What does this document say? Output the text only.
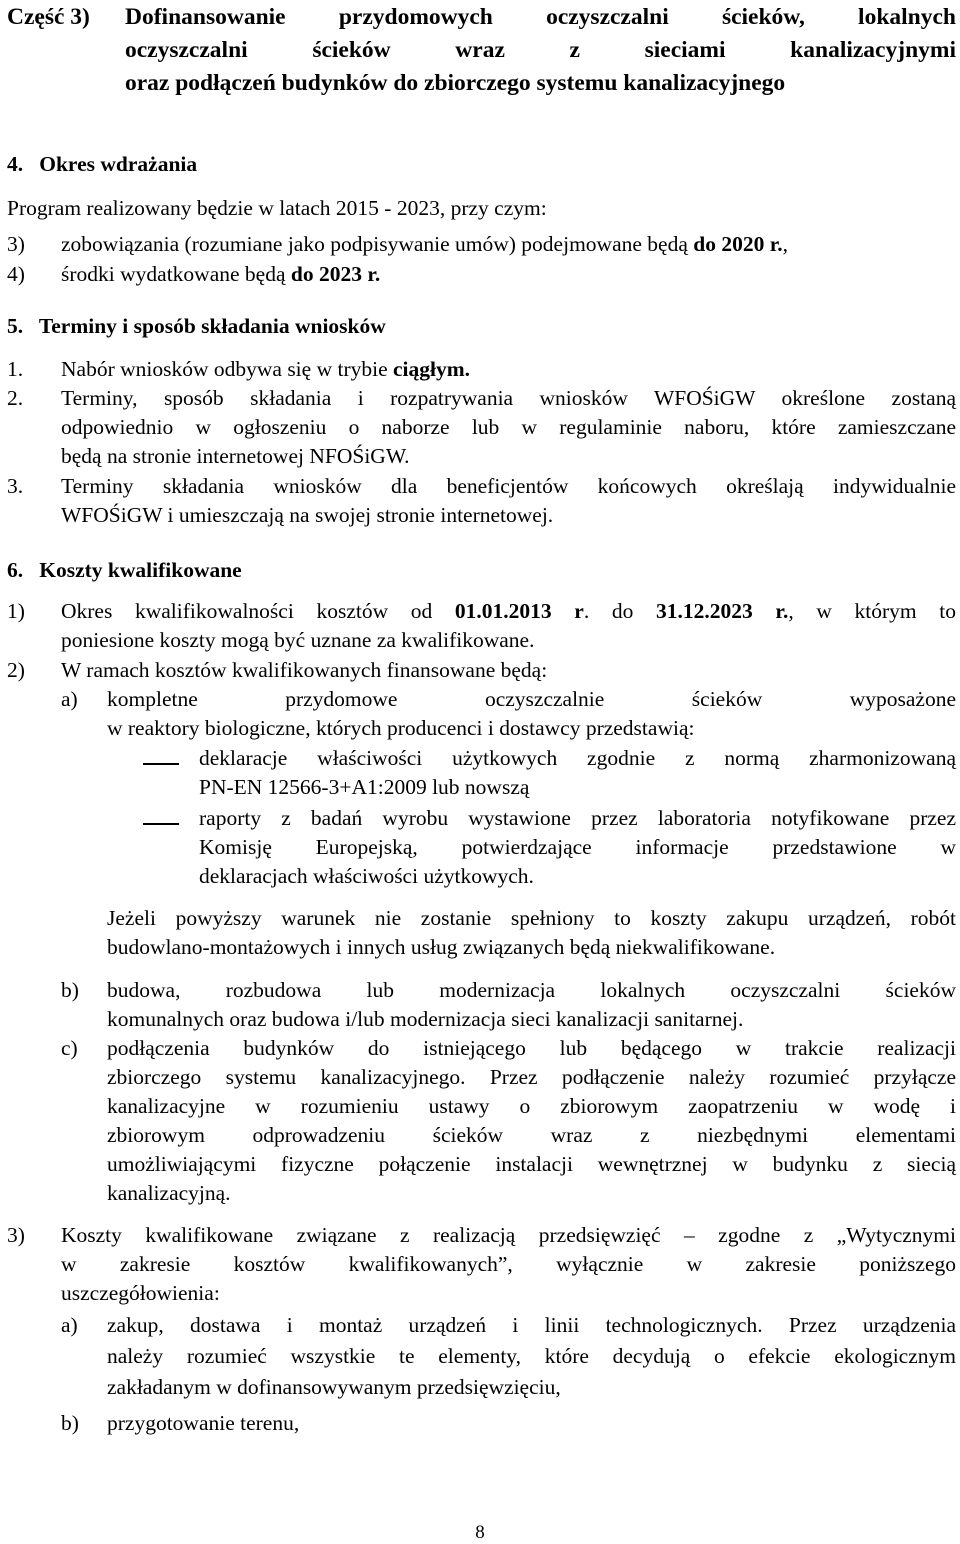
Część 3) Dofinansowanie przydomowych oczyszczalni ścieków, lokalnych
oczyszczalni ścieków wraz z sieciami kanalizacyjnymi
oraz podłączeń budynków do zbiorczego systemu kanalizacyjnego
4.   Okres wdrażania
Program realizowany będzie w latach 2015 - 2023, przy czym:
3)	zobowiązania (rozumiane jako podpisywanie umów) podejmowane będą do 2020 r.,
4)	środki wydatkowane będą do 2023 r.
5.   Terminy i sposób składania wniosków
1.	Nabór wniosków odbywa się w trybie ciągłym.
2.	Terminy, sposób składania i rozpatrywania wniosków WFOŚiGW określone zostaną
odpowiednio w ogłoszeniu o naborze lub w regulaminie naboru, które zamieszczane
będą na stronie internetowej NFOŚiGW.
3.	Terminy składania wniosków dla beneficjentów końcowych określają indywidualnie
WFOŚiGW i umieszczają na swojej stronie internetowej.
6.   Koszty kwalifikowane
1)	Okres kwalifikowalności kosztów od 01.01.2013 r. do 31.12.2023 r., w którym to
poniesione koszty mogą być uznane za kwalifikowane.
2)	W ramach kosztów kwalifikowanych finansowane będą:
a)	kompletne przydomowe oczyszczalnie ścieków wyposażone
w reaktory biologiczne, których producenci i dostawcy przedstawią:
deklaracje właściwości użytkowych zgodnie z normą zharmonizowaną
PN-EN 12566-3+A1:2009 lub nowszą
raporty z badań wyrobu wystawione przez laboratoria notyfikowane przez
Komisję Europejską, potwierdzające informacje przedstawione w
deklaracjach właściwości użytkowych.
Jeżeli powyższy warunek nie zostanie spełniony to koszty zakupu urządzeń, robót
budowlano-montażowych i innych usług związanych będą niekwalifikowane.
b)	budowa, rozbudowa lub modernizacja lokalnych oczyszczalni ścieków
komunalnych oraz budowa i/lub modernizacja sieci kanalizacji sanitarnej.
c)	podłączenia budynków do istniejącego lub będącego w trakcie realizacji
zbiorczego systemu kanalizacyjnego. Przez podłączenie należy rozumieć przyłącze
kanalizacyjne w rozumieniu ustawy o zbiorowym zaopatrzeniu w wodę i
zbiorowym odprowadzeniu ścieków wraz z niezbędnymi elementami
umożliwiającymi fizyczne połączenie instalacji wewnętrznej w budynku z siecią
kanalizacyjną.
3)	Koszty kwalifikowane związane z realizacją przedsięwzięć – zgodne z „Wytycznymi
w zakresie kosztów kwalifikowanych”, wyłącznie w zakresie poniższego
uszczegółowienia:
a)	zakup, dostawa i montaż urządzeń i linii technologicznych. Przez urządzenia
należy rozumieć wszystkie te elementy, które decydują o efekcie ekologicznym
zakładanym w dofinansowywanym przedsięwzięciu,
b)	przygotowanie terenu,
8
